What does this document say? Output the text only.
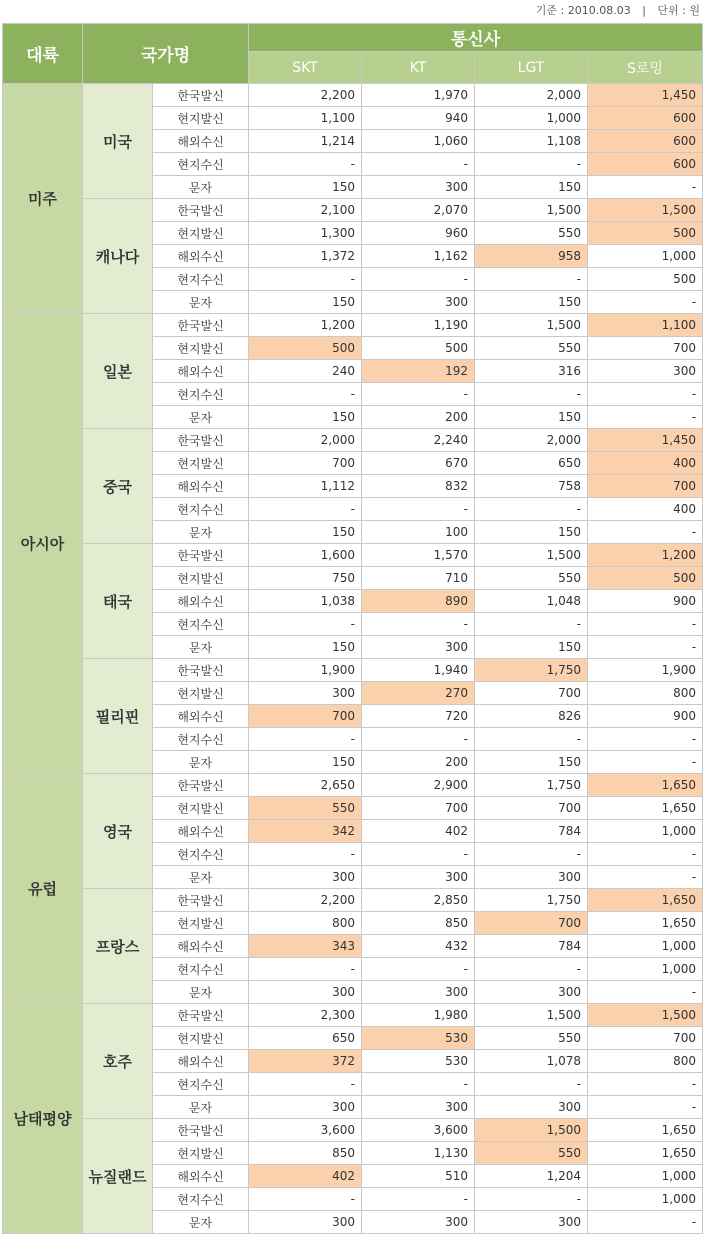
기준 : 2010.08.03 | 단위 : 원
대륙	국가명		통신사			
			SKT	KT	LGT	S로밍
미주	미국	한국발신	2,200	1,970	2,000	1,450
		현지발신	1,100	940	1,000	600
		해외수신	1,214	1,060	1,108	600
		현지수신	-	-	-	600
		문자	150	300	150	-
	캐나다	한국발신	2,100	2,070	1,500	1,500
		현지발신	1,300	960	550	500
		해외수신	1,372	1,162	958	1,000
		현지수신	-	-	-	500
		문자	150	300	150	-
아시아	일본	한국발신	1,200	1,190	1,500	1,100
		현지발신	500	500	550	700
		해외수신	240	192	316	300
		현지수신	-	-	-	-
		문자	150	200	150	-
	중국	한국발신	2,000	2,240	2,000	1,450
		현지발신	700	670	650	400
		해외수신	1,112	832	758	700
		현지수신	-	-	-	400
		문자	150	100	150	-
	태국	한국발신	1,600	1,570	1,500	1,200
		현지발신	750	710	550	500
		해외수신	1,038	890	1,048	900
		현지수신	-	-	-	-
		문자	150	300	150	-
	필리핀	한국발신	1,900	1,940	1,750	1,900
		현지발신	300	270	700	800
		해외수신	700	720	826	900
		현지수신	-	-	-	-
		문자	150	200	150	-
유럽	영국	한국발신	2,650	2,900	1,750	1,650
		현지발신	550	700	700	1,650
		해외수신	342	402	784	1,000
		현지수신	-	-	-	-
		문자	300	300	300	-
	프랑스	한국발신	2,200	2,850	1,750	1,650
		현지발신	800	850	700	1,650
		해외수신	343	432	784	1,000
		현지수신	-	-	-	1,000
		문자	300	300	300	-
남태평양	호주	한국발신	2,300	1,980	1,500	1,500
		현지발신	650	530	550	700
		해외수신	372	530	1,078	800
		현지수신	-	-	-	-
		문자	300	300	300	-
	뉴질랜드	한국발신	3,600	3,600	1,500	1,650
		현지발신	850	1,130	550	1,650
		해외수신	402	510	1,204	1,000
		현지수신	-	-	-	1,000
		문자	300	300	300	-
